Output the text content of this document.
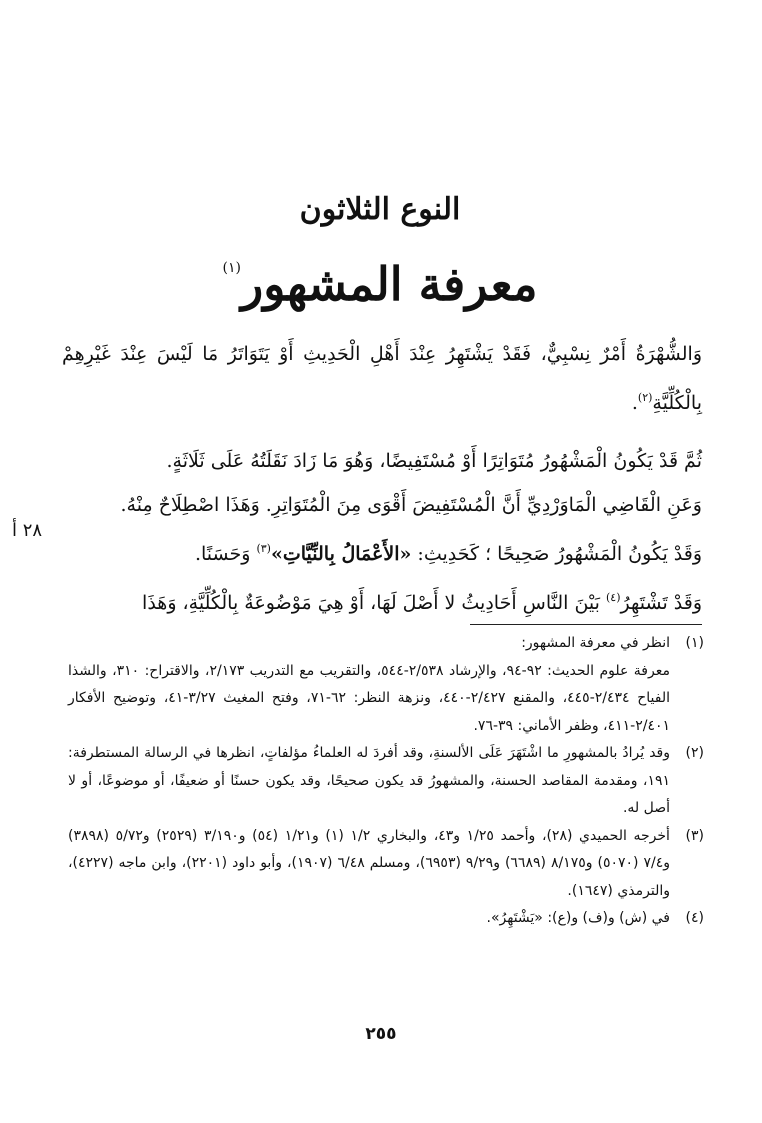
النوع الثلاثون
معرفة المشهور$^{(١)}$
٢٨ أ

وَالشُّهْرَةُ أَمْرٌ نِسْبِيٌّ، فَقَدْ يَشْتَهِرُ عِنْدَ أَهْلِ الْحَدِيثِ أَوْ يَتَوَاتَرُ مَا لَيْسَ عِنْدَ غَيْرِهِمْ بِالْكُلِّيَّةِ$^{(٢)}$.

ثُمَّ قَدْ يَكُونُ الْمَشْهُورُ مُتَوَاتِرًا أَوْ مُسْتَفِيضًا، وَهُوَ مَا زَادَ نَقَلَتُهُ عَلَى ثَلَاثَةٍ.

وَعَنِ الْقَاضِي الْمَاوَرْدِيِّ أَنَّ الْمُسْتَفِيضَ أَقْوَى مِنَ الْمُتَوَاتِرِ. وَهَذَا اصْطِلَاحٌ مِنْهُ.

وَقَدْ يَكُونُ الْمَشْهُورُ صَحِيحًا ؛ كَحَدِيثِ: «الأَعْمَالُ بِالنِّيَّاتِ»$^{(٣)}$ وَحَسَنًا.

وَقَدْ تَشْتَهِرُ$^{(٤)}$ بَيْنَ النَّاسِ أَحَادِيثُ لا أَصْلَ لَهَا، أَوْ هِيَ مَوْضُوعَةٌ بِالْكُلِّيَّةِ، وَهَذَا

(١)
انظر في معرفة المشهور:
معرفة علوم الحديث: ٩٢-٩٤، والإرشاد ٢/٥٣٨-٥٤٤، والتقريب مع التدريب ٢/١٧٣، والاقتراح: ٣١٠، والشذا الفياح ٢/٤٣٤-٤٤٥، والمقنع ٢/٤٢٧-٤٤٠، ونزهة النظر: ٦٢-٧١، وفتح المغيث ٣/٢٧-٤١، وتوضيح الأفكار ٢/٤٠١-٤١١، وظفر الأماني: ٣٩-٧٦.
(٢)
وقد يُرادُ بالمشهورِ ما اشْتَهَرَ عَلَى الألسنةِ، وقد أفردَ له العلماءُ مؤلفاتٍ، انظرها في الرسالة المستطرفة: ١٩١، ومقدمة المقاصد الحسنة، والمشهورُ قد يكون صحيحًا، وقد يكون حسنًا أو ضعيفًا، أو موضوعًا، أو لا أصل له.
(٣)
أخرجه الحميدي (٢٨)، وأحمد ١/٢٥ و٤٣، والبخاري ١/٢ (١) و١/٢١ (٥٤) و٣/١٩٠ (٢٥٢٩) و٥/٧٢ (٣٨٩٨) و٧/٤ (٥٠٧٠) و٨/١٧٥ (٦٦٨٩) و٩/٢٩ (٦٩٥٣)، ومسلم ٦/٤٨ (١٩٠٧)، وأبو داود (٢٢٠١)، وابن ماجه (٤٢٢٧)، والترمذي (١٦٤٧).
(٤)
في (ش) و(ف) و(ع): «يَشْتَهِرُ».
٢٥٥
